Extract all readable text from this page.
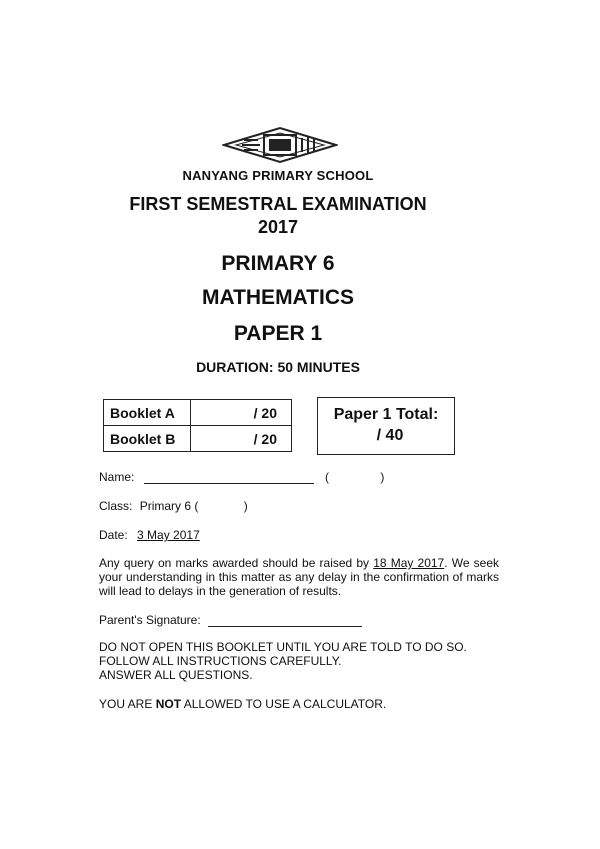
NANYANG PRIMARY SCHOOL
FIRST SEMESTRAL EXAMINATION
2017
PRIMARY 6
MATHEMATICS
PAPER 1
DURATION: 50 MINUTES
Booklet A	/ 20
Booklet B	/ 20
Paper 1 Total:
/ 40
Name:	(	)
Class: Primary 6 (	)
Date: 3 May 2017
Any query on marks awarded should be raised by 18 May 2017. We seek your understanding in this matter as any delay in the confirmation of marks will lead to delays in the generation of results.
Parent's Signature:
DO NOT OPEN THIS BOOKLET UNTIL YOU ARE TOLD TO DO SO.
FOLLOW ALL INSTRUCTIONS CAREFULLY.
ANSWER ALL QUESTIONS.
YOU ARE NOT ALLOWED TO USE A CALCULATOR.
